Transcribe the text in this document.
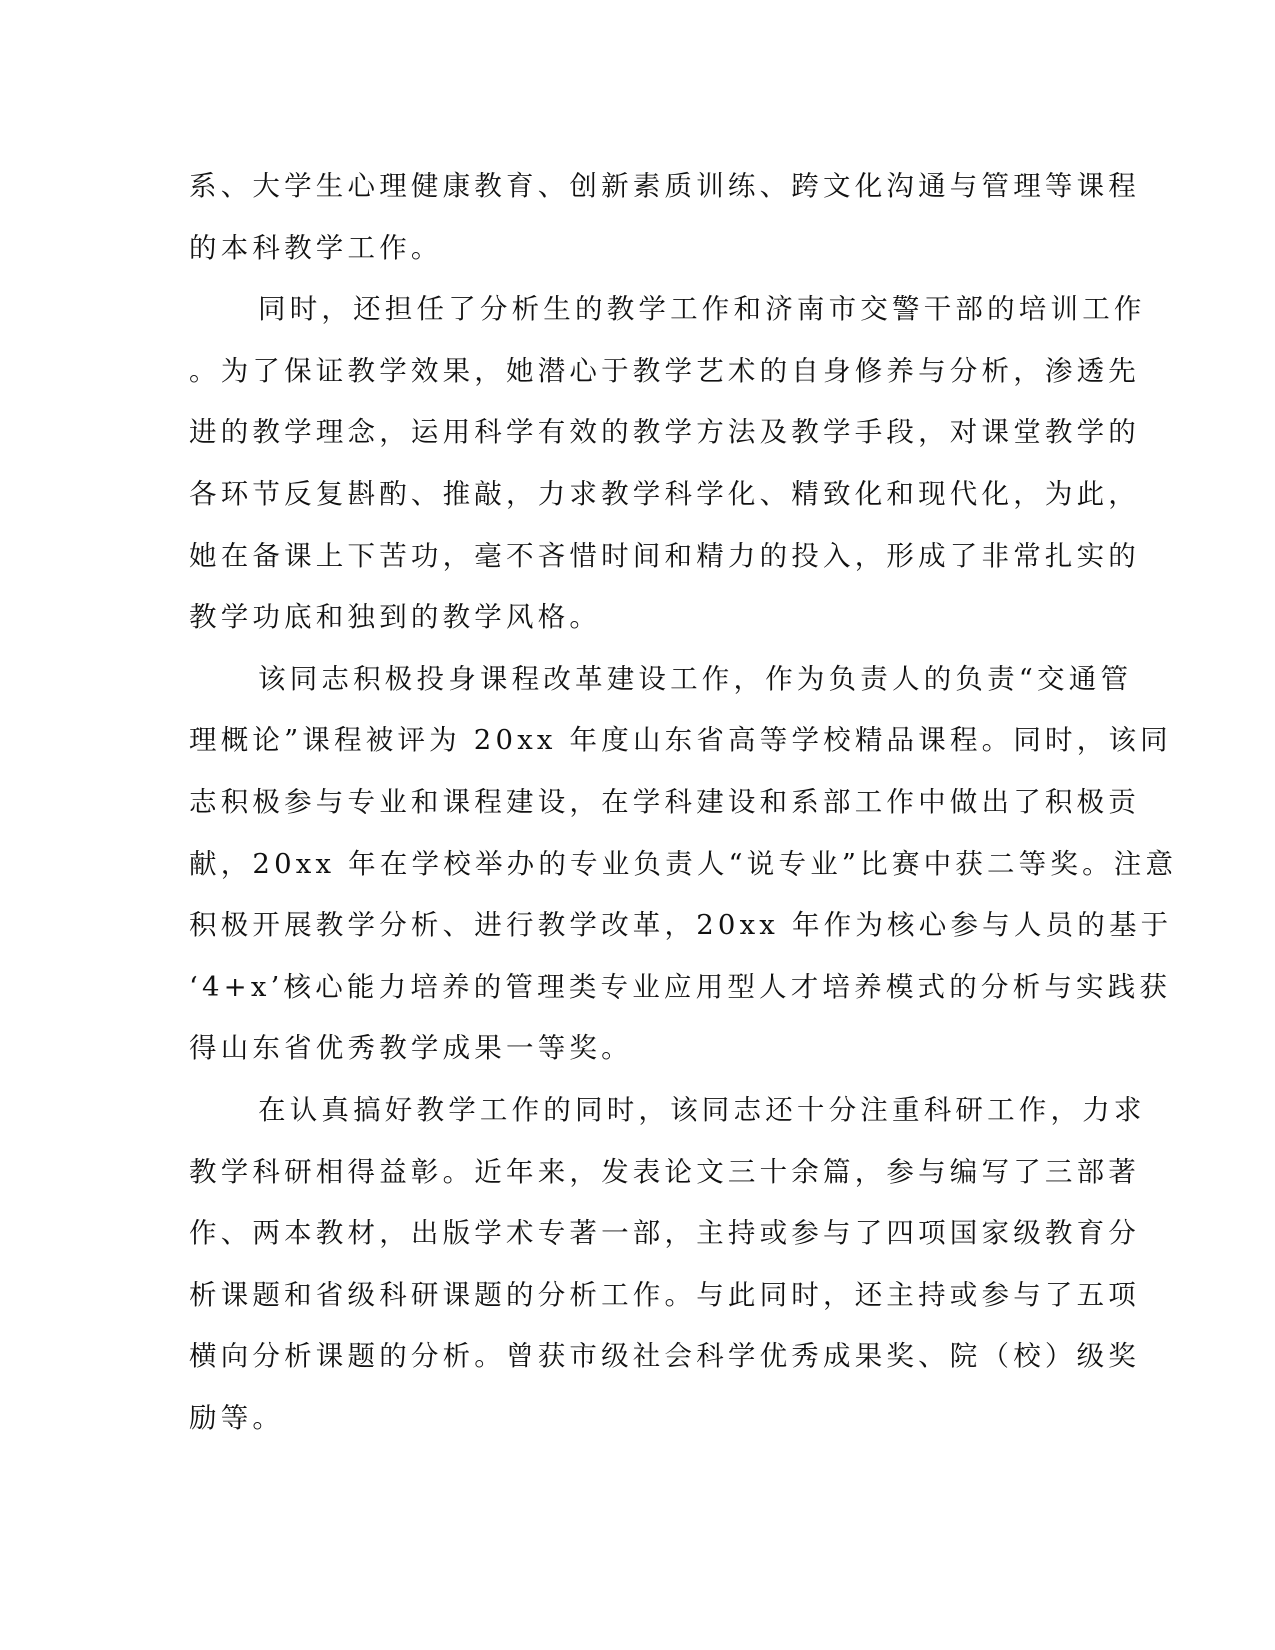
系、大学生心理健康教育、创新素质训练、跨文化沟通与管理等课程
的本科教学工作。
同时，还担任了分析生的教学工作和济南市交警干部的培训工作
。为了保证教学效果，她潜心于教学艺术的自身修养与分析，渗透先
进的教学理念，运用科学有效的教学方法及教学手段，对课堂教学的
各环节反复斟酌、推敲，力求教学科学化、精致化和现代化，为此，
她在备课上下苦功，毫不吝惜时间和精力的投入，形成了非常扎实的
教学功底和独到的教学风格。
该同志积极投身课程改革建设工作，作为负责人的负责“交通管
理概论”课程被评为 20xx 年度山东省高等学校精品课程。同时，该同
志积极参与专业和课程建设，在学科建设和系部工作中做出了积极贡
献，20xx 年在学校举办的专业负责人“说专业”比赛中获二等奖。注意
积极开展教学分析、进行教学改革，20xx 年作为核心参与人员的基于
‘4+x’核心能力培养的管理类专业应用型人才培养模式的分析与实践获
得山东省优秀教学成果一等奖。
在认真搞好教学工作的同时，该同志还十分注重科研工作，力求
教学科研相得益彰。近年来，发表论文三十余篇，参与编写了三部著
作、两本教材，出版学术专著一部，主持或参与了四项国家级教育分
析课题和省级科研课题的分析工作。与此同时，还主持或参与了五项
横向分析课题的分析。曾获市级社会科学优秀成果奖、院（校）级奖
励等。
